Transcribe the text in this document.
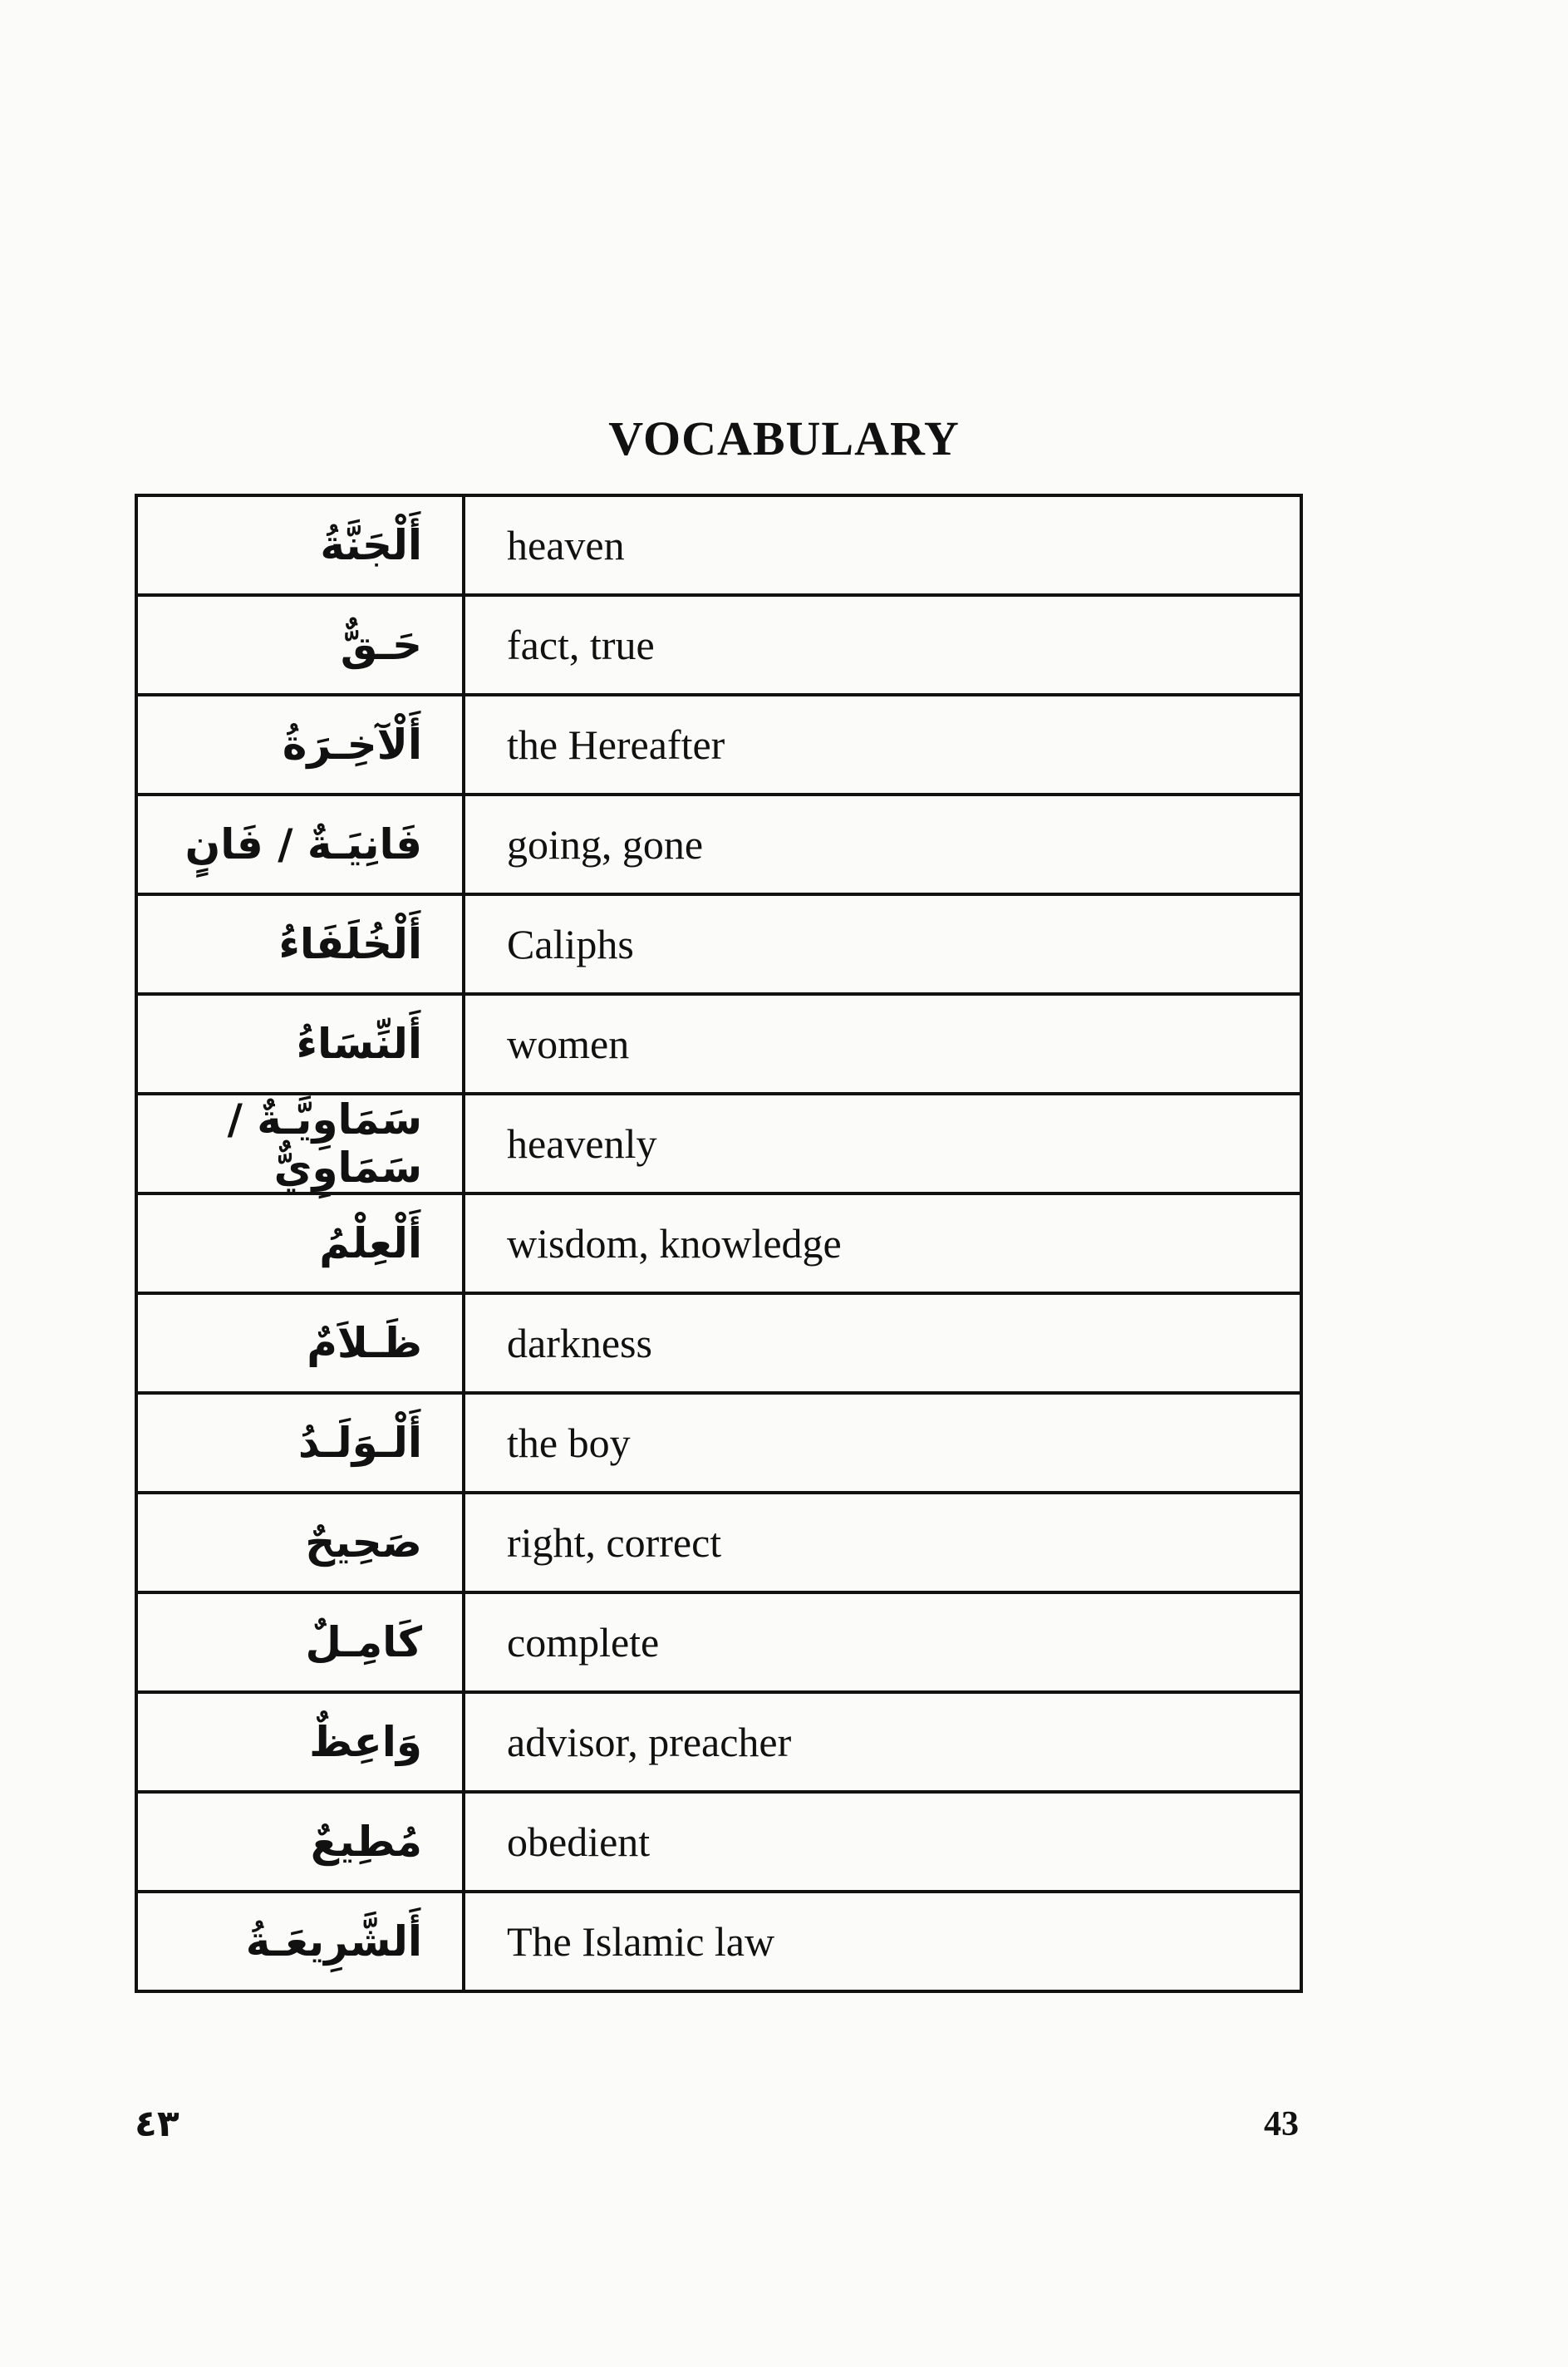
VOCABULARY
أَلْجَنَّةُ	heaven
حَـقٌّ	fact, true
أَلْآخِـرَةُ	the Hereafter
فَانِيَـةٌ / فَانٍ	going, gone
أَلْخُلَفَاءُ	Caliphs
أَلنِّسَاءُ	women
سَمَاوِيَّـةٌ / سَمَاوِيٌّ	heavenly
أَلْعِلْمُ	wisdom, knowledge
ظَـلاَمٌ	darkness
أَلْـوَلَـدُ	the boy
صَحِيحٌ	right, correct
كَامِـلٌ	complete
وَاعِظٌ	advisor, preacher
مُطِيعٌ	obedient
أَلشَّرِيعَـةُ	The Islamic law
٤٣	43
